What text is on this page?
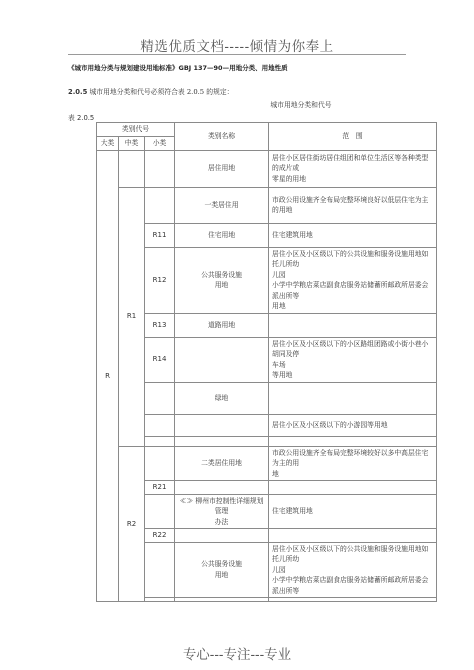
精选优质文档-----倾情为你奉上
《城市用地分类与规划建设用地标准》GBJ 137—90—用地分类、用地性质
2.0.5 城市用地分类和代号必须符合表 2.0.5 的规定：
城市用地分类和代号
表 2.0.5
类别代号			类别名称	范　围
大类	中类	小类		
R			居住用地	居住小区居住街坊居住组团和单位生活区等各种类型的成片或
零星的用地

	R1		一类居住用	市政公用设施齐全布局完整环境良好以低层住宅为主的用地
		R11	住宅用地	住宅建筑用地
		R12	公共服务设施
用地	居住小区及小区级以下的公共设施和服务设施用地如托儿所幼
儿园
小学中学粮店菜店副食店服务站储蓄所邮政所居委会派出所等
用地

		R13	道路用地	
		R14		居住小区及小区级以下的小区路组团路或小街小巷小胡同及停
车场
等用地

			绿地	
				居住小区及小区级以下的小游园等用地

	R2		二类居住用地	市政公用设施齐全布局完整环境较好以多中高层住宅为主的用
地

		R21		

			≪≫ 柳州市控制性详细规划管理
办法	住宅建筑用地
		R22		

			公共服务设施
用地	居住小区及小区级以下的公共设施和服务设施用地如托儿所幼
儿园
小学中学粮店菜店副食店服务站储蓄所邮政所居委会派出所等

专心---专注---专业
